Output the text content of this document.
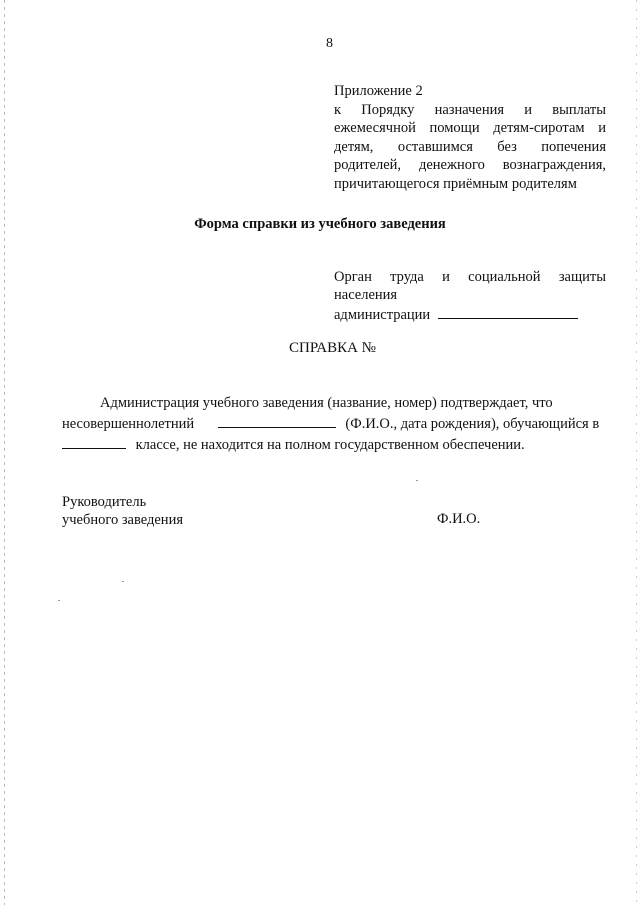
8
Приложение 2
к Порядку назначения и выплаты
ежемесячной помощи детям-сиротам и
детям, оставшимся без попечения
родителей, денежного вознаграждения,
причитающегося приёмным родителям
Форма справки из учебного заведения
Орган труда и социальной защиты
населения
администрации
СПРАВКА №
Администрация учебного заведения (название, номер) подтверждает, что
несовершеннолетний	(Ф.И.О., дата рождения), обучающийся в
классе, не находится на полном государственном обеспечении.
Руководитель
учебного заведения	Ф.И.О.
